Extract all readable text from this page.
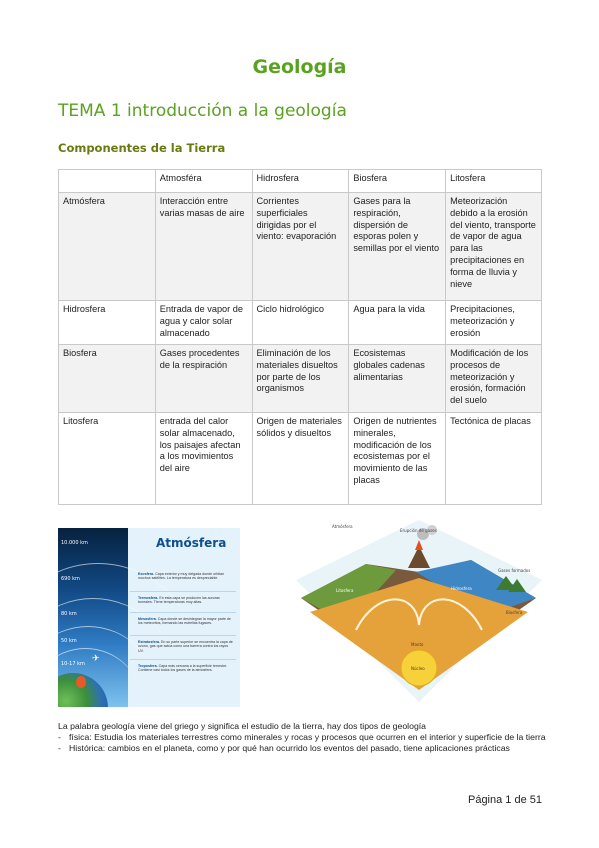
Geología
TEMA 1 introducción a la geología
Componentes de la Tierra
	Atmosféra	Hidrosfera	Biosfera	Litosfera
Atmósfera	Interacción entre varias masas de aire	Corrientes superficiales dirigidas por el viento: evaporación	Gases para la respiración, dispersión de esporas polen y semillas por el viento	Meteorización debido a la erosión del viento, transporte de vapor de agua para las precipitaciones en forma de lluvia y nieve
Hidrosfera	Entrada de vapor de agua y calor solar almacenado	Ciclo hidrológico	Agua para la vida	Precipitaciones, meteorización y erosión
Biosfera	Gases procedentes de la respiración	Eliminación de los materiales disueltos por parte de los organismos	Ecosistemas globales cadenas alimentarias	Modificación de los procesos de meteorización y erosión, formación del suelo
Litosfera	entrada del calor solar almacenado, los paisajes afectan a los movimientos del aire	Origen de materiales sólidos y disueltos	Origen de nutrientes minerales, modificación de los ecosistemas por el movimiento de las placas	Tectónica de placas
✈
Atmósfera
10.000 km
690 km
80 km
50 km
10-17 km
Exosfera. Capa exterior y muy delgada donde orbitan muchos satélites. La temperatura es despreciable.
Termosfera. En esta capa se producen las auroras boreales. Tiene temperaturas muy altas.
Mesosfera. Capa donde se desintegran la mayor parte de los meteoritos, formando las estrellas fugaces.
Estratosfera. En su parte superior se encuentra la capa de ozono, gas que actúa como una barrera contra los rayos UV.
Troposfera. Capa más cercana a la superficie terrestre. Contiene casi todos los gases de la atmósfera.
Atmósfera
Erupción de gases
Gases formados
Biosfera
Hidrosfera
Litosfera
Manto
Núcleo
La palabra geología viene del griego y significa el estudio de la tierra, hay dos tipos de geología
- física: Estudia los materiales terrestres como minerales y rocas y procesos que ocurren en el interior y superficie de la tierra
- Histórica: cambios en el planeta, como y por qué han ocurrido los eventos del pasado, tiene aplicaciones prácticas
Página 1 de 51
